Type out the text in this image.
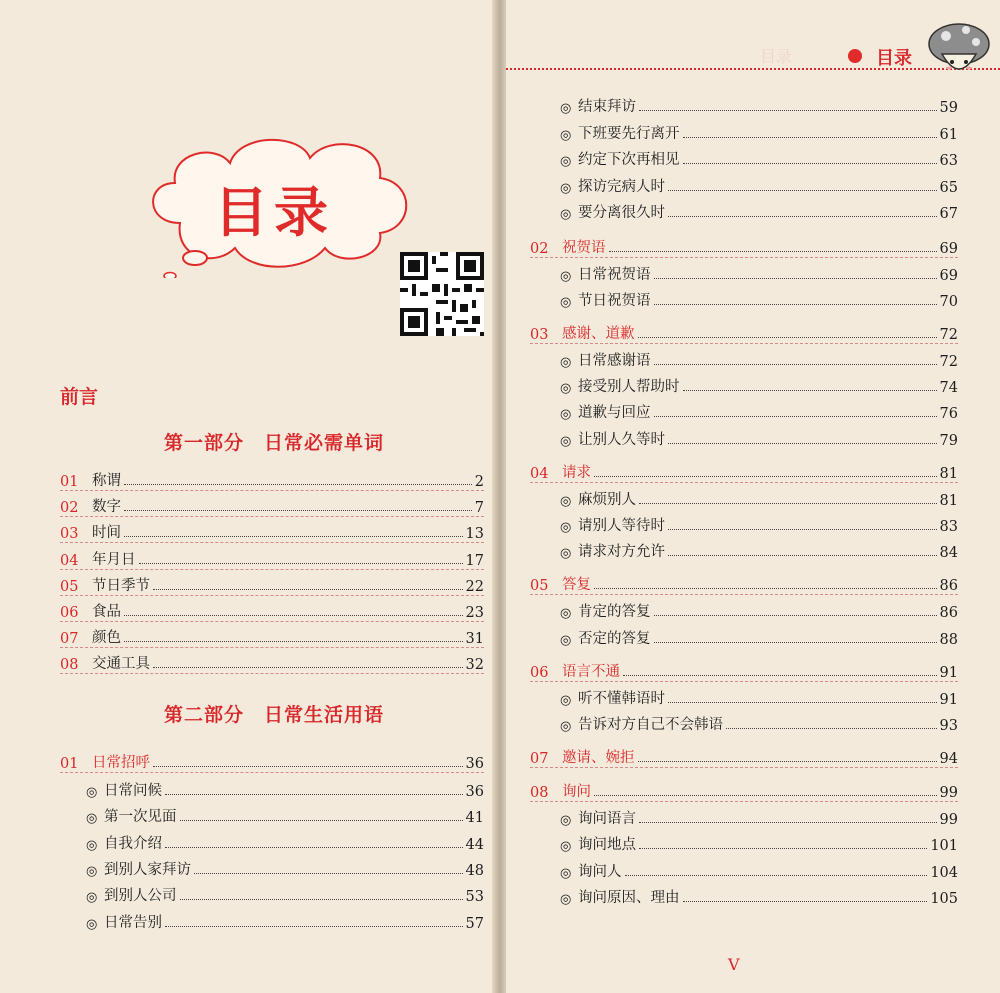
目录
前言
第一部分　日常必需单词
第二部分　日常生活用语
01 称谓	2
02 数字	7
03 时间	13
04 年月日	17
05 节日季节	22
06 食品	23
07 颜色	31
08 交通工具	32
01 日常招呼	36
◎ 日常问候	36
◎ 第一次见面	41
◎ 自我介绍	44
◎ 到别人家拜访	48
◎ 到别人公司	53
◎ 日常告别	57
目录	目录
◎ 结束拜访	59
◎ 下班要先行离开	61
◎ 约定下次再相见	63
◎ 探访完病人时	65
◎ 要分离很久时	67
02 祝贺语	69
◎ 日常祝贺语	69
◎ 节日祝贺语	70
03 感谢、道歉	72
◎ 日常感谢语	72
◎ 接受别人帮助时	74
◎ 道歉与回应	76
◎ 让别人久等时	79
04 请求	81
◎ 麻烦别人	81
◎ 请别人等待时	83
◎ 请求对方允许	84
05 答复	86
◎ 肯定的答复	86
◎ 否定的答复	88
06 语言不通	91
◎ 听不懂韩语时	91
◎ 告诉对方自己不会韩语	93
07 邀请、婉拒	94
08 询问	99
◎ 询问语言	99
◎ 询问地点	101
◎ 询问人	104
◎ 询问原因、理由	105
V
